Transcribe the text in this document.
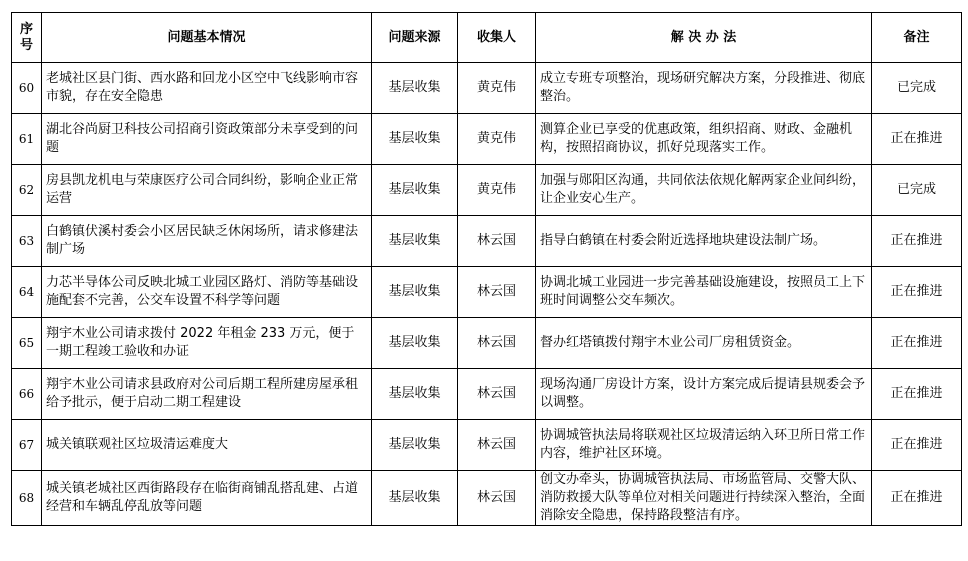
序号	问题基本情况	问题来源	收集人	解 决 办 法	备注
60	老城社区县门街、西水路和回龙小区空中飞线影响市容市貌，存在安全隐患	基层收集	黄克伟	成立专班专项整治，现场研究解决方案，分段推进、彻底整治。	已完成
61	湖北谷尚厨卫科技公司招商引资政策部分未享受到的问题	基层收集	黄克伟	测算企业已享受的优惠政策，组织招商、财政、金融机构，按照招商协议，抓好兑现落实工作。	正在推进
62	房县凯龙机电与荣康医疗公司合同纠纷，影响企业正常运营	基层收集	黄克伟	加强与郧阳区沟通，共同依法依规化解两家企业间纠纷，让企业安心生产。	已完成
63	白鹤镇伏溪村委会小区居民缺乏休闲场所，请求修建法制广场	基层收集	林云国	指导白鹤镇在村委会附近选择地块建设法制广场。	正在推进
64	力芯半导体公司反映北城工业园区路灯、消防等基础设施配套不完善，公交车设置不科学等问题	基层收集	林云国	协调北城工业园进一步完善基础设施建设，按照员工上下班时间调整公交车频次。	正在推进
65	翔宇木业公司请求拨付 2022 年租金 233 万元，便于一期工程竣工验收和办证	基层收集	林云国	督办红塔镇拨付翔宇木业公司厂房租赁资金。	正在推进
66	翔宇木业公司请求县政府对公司后期工程所建房屋承租给予批示，便于启动二期工程建设	基层收集	林云国	现场沟通厂房设计方案，设计方案完成后提请县规委会予以调整。	正在推进
67	城关镇联观社区垃圾清运难度大	基层收集	林云国	协调城管执法局将联观社区垃圾清运纳入环卫所日常工作内容，维护社区环境。	正在推进
68	城关镇老城社区西街路段存在临街商铺乱搭乱建、占道经营和车辆乱停乱放等问题	基层收集	林云国	创文办牵头，协调城管执法局、市场监管局、交警大队、消防救援大队等单位对相关问题进行持续深入整治，全面消除安全隐患，保持路段整洁有序。	正在推进
